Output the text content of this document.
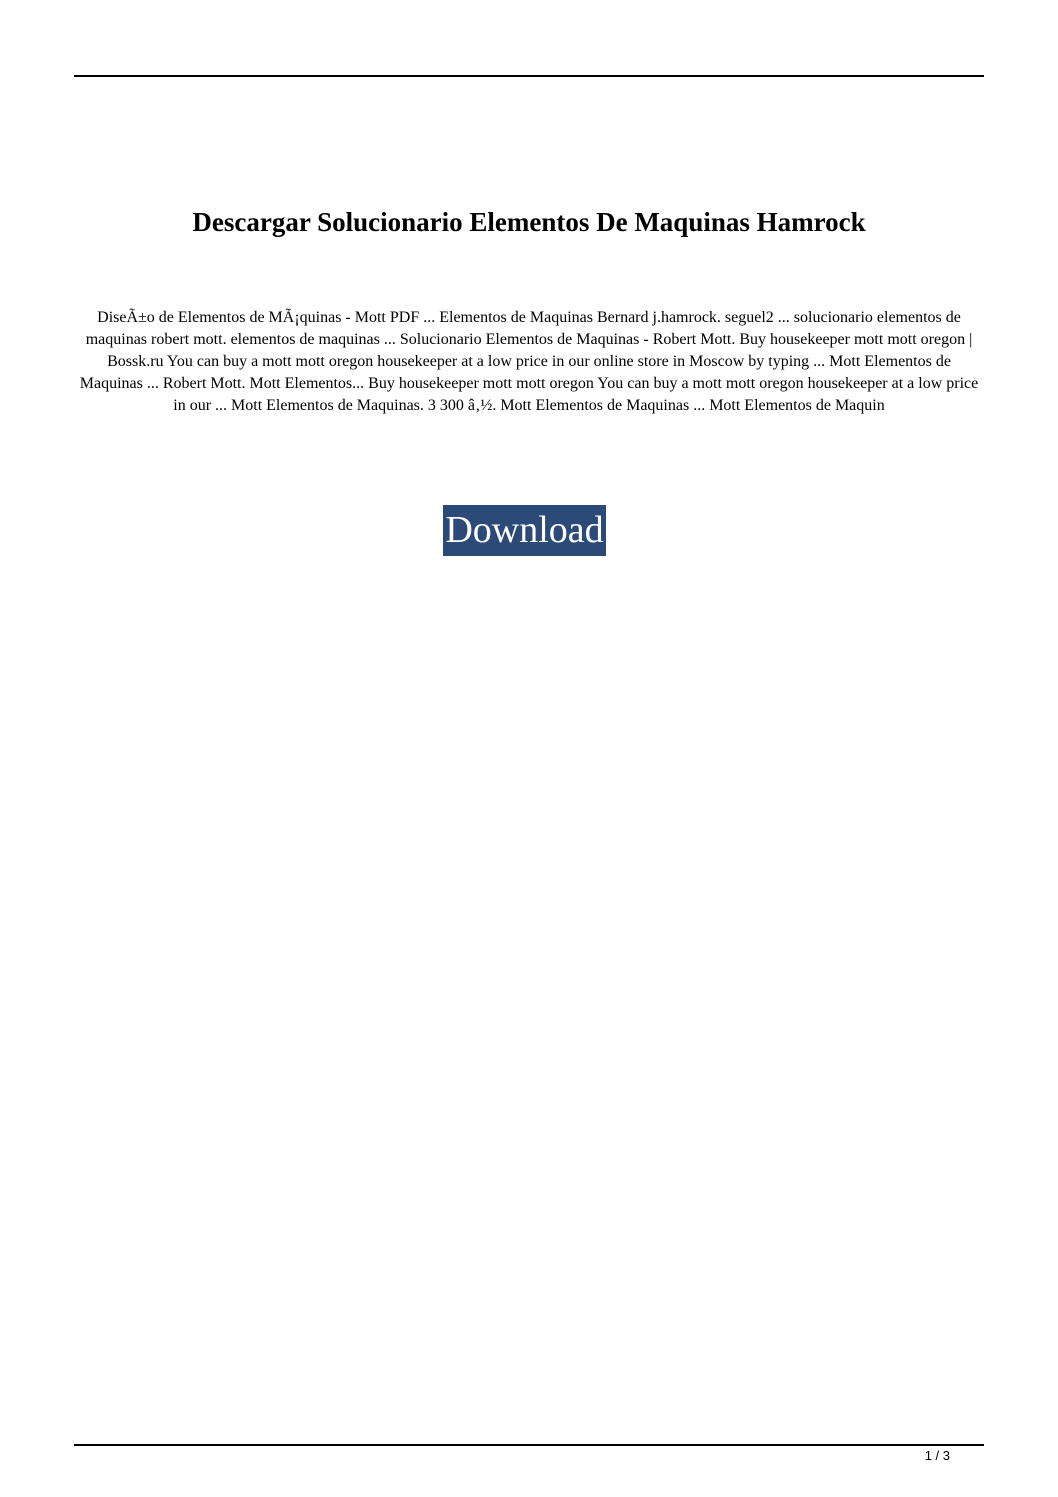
Descargar Solucionario Elementos De Maquinas Hamrock

DiseÃ±o de Elementos de MÃ¡quinas - Mott PDF ... Elementos de Maquinas Bernard j.hamrock. seguel2 ... solucionario elementos de maquinas robert mott. elementos de maquinas ... Solucionario Elementos de Maquinas - Robert Mott. Buy housekeeper mott mott oregon | Bossk.ru You can buy a mott mott oregon housekeeper at a low price in our online store in Moscow by typing ... Mott Elementos de Maquinas ... Robert Mott. Mott Elementos... Buy housekeeper mott mott oregon You can buy a mott mott oregon housekeeper at a low price in our ... Mott Elementos de Maquinas. 3 300 â‚½. Mott Elementos de Maquinas ... Mott Elementos de Maquin

Download
1 / 3
